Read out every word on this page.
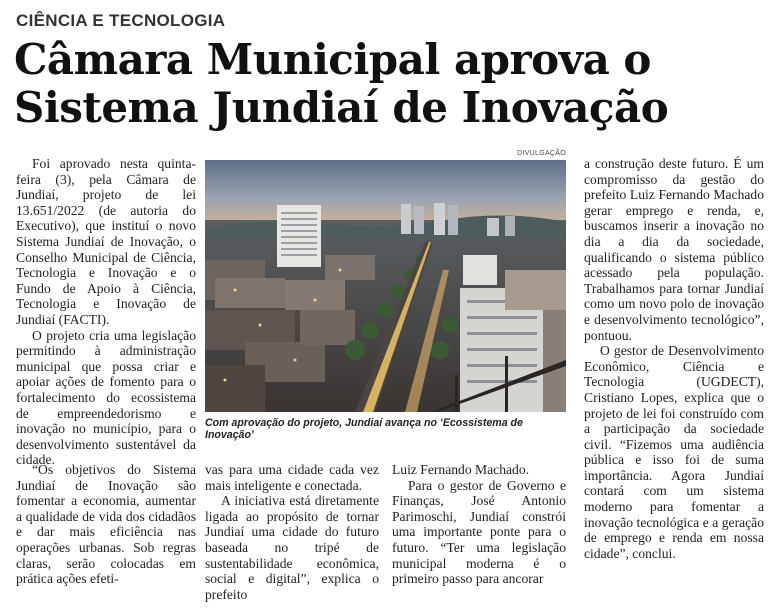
CIÊNCIA E TECNOLOGIA
Câmara Municipal aprova o
Sistema Jundiaí de Inovação

Foi aprovado nesta quinta-feira (3), pela Câmara de Jundiaí, projeto de lei 13.651/2022 (de autoria do Executivo), que instituí o novo Sistema Jundiaí de Inovação, o Conselho Municipal de Ciência, Tecnologia e Inovação e o Fundo de Apoio à Ciência, Tecnologia e Inovação de Jundiaí (FACTI).

O projeto cria uma legislação permitindo à administração municipal que possa criar e apoiar ações de fomento para o fortalecimento do ecossistema de empreendedorismo e inovação no município, para o desenvolvimento sustentável da cidade.

DIVULGAÇÃO
Com aprovação do projeto, Jundiaí avança no ‘Ecossistema de Inovação’

a construção deste futuro. É um compromisso da gestão do prefeito Luiz Fernando Machado gerar emprego e renda, e, buscamos inserir a inovação no dia a dia da sociedade, qualificando o sistema público acessado pela população. Trabalhamos para tornar Jundiaí como um novo polo de inovação e desenvolvimento tecnológico”, pontuou.

O gestor de Desenvolvimento Econômico, Ciência e Tecnologia (UGDECT), Cristiano Lopes, explica que o projeto de lei foi construído com a participação da sociedade civil. “Fizemos uma audiência pública e isso foi de suma importância. Agora Jundiaí contará com um sistema moderno para fomentar a inovação tecnológica e a geração de emprego e renda em nossa cidade”, conclui.

“Os objetivos do Sistema Jundiaí de Inovação são fomentar a economia, aumentar a qualidade de vida dos cidadãos e dar mais eficiência nas operações urbanas. Sob regras claras, serão colocadas em prática ações efeti-

vas para uma cidade cada vez mais inteligente e conectada.

A iniciativa está diretamente ligada ao propósito de tornar Jundiaí uma cidade do futuro baseada no tripé de sustentabilidade econômica, social e digital”, explica o prefeito

Luiz Fernando Machado.

Para o gestor de Governo e Finanças, José Antonio Parimoschi, Jundiaí constrói uma importante ponte para o futuro. “Ter uma legislação municipal moderna é o primeiro passo para ancorar
